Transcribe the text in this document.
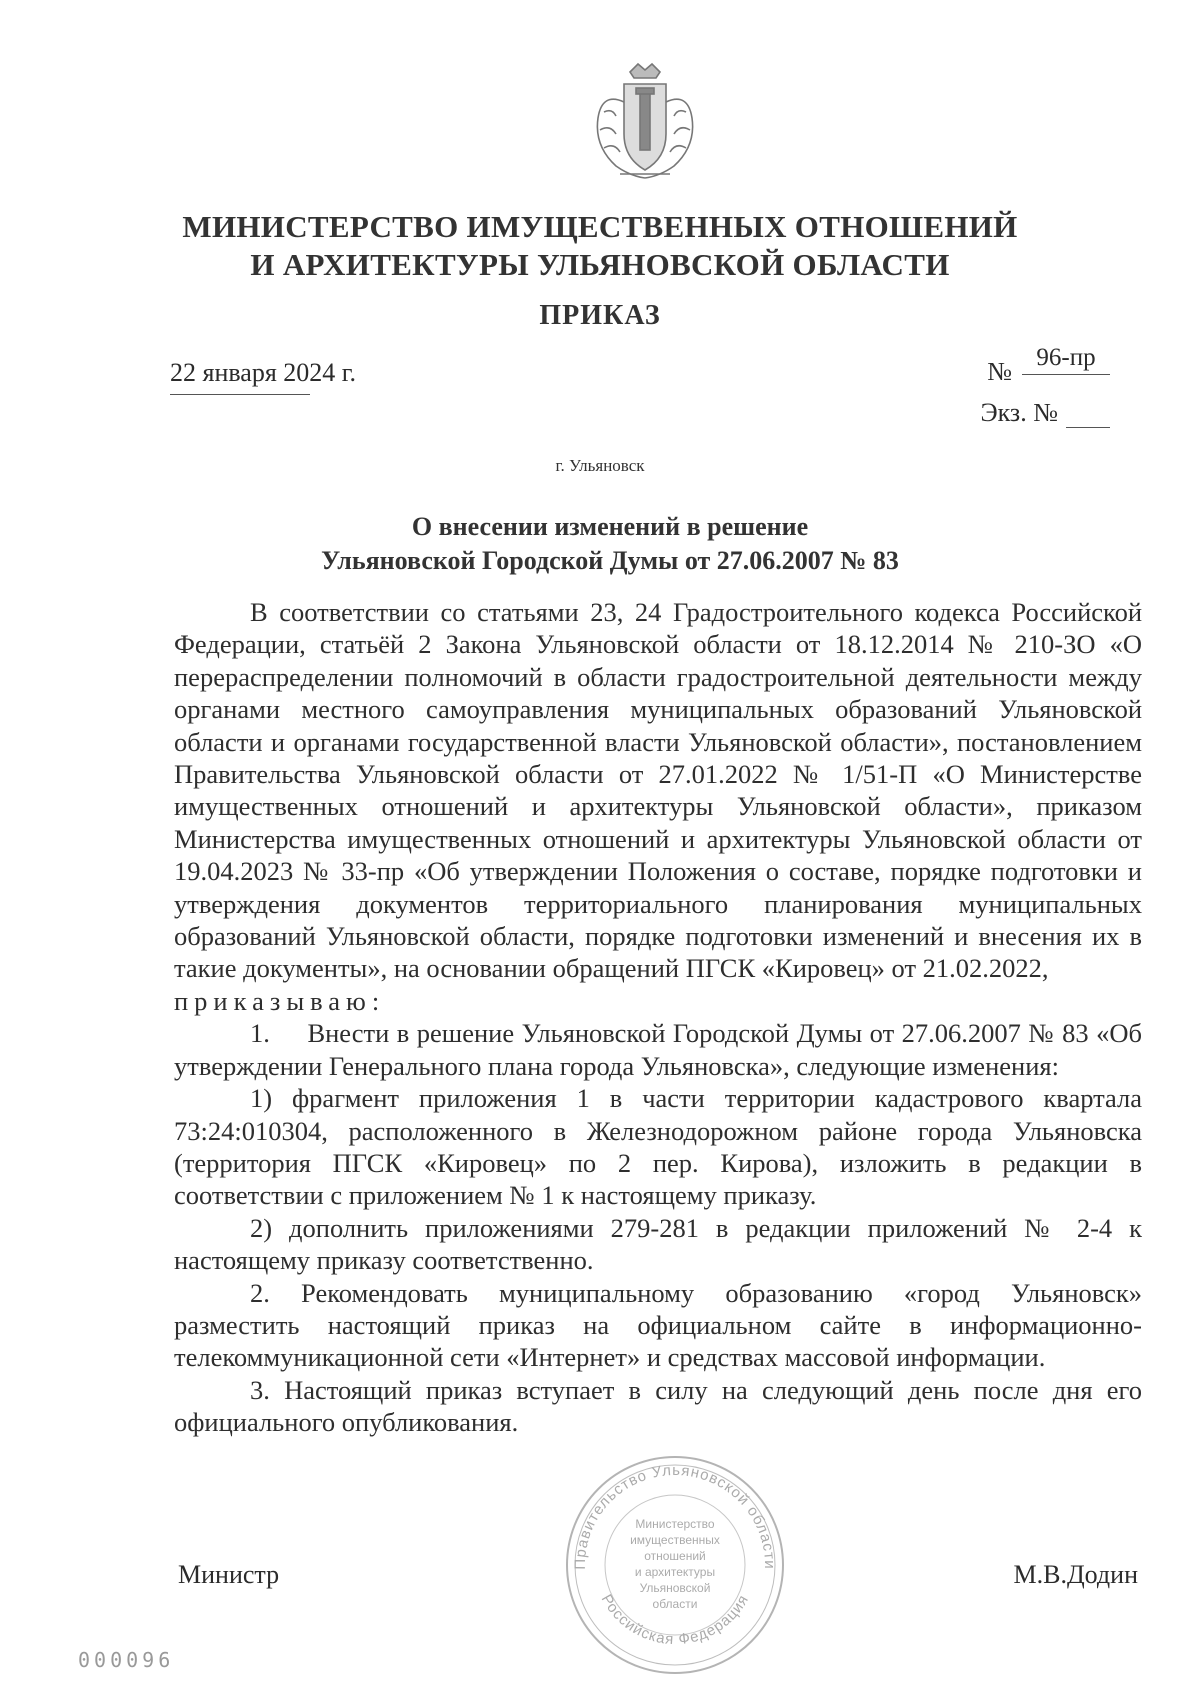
МИНИСТЕРСТВО ИМУЩЕСТВЕННЫХ ОТНОШЕНИЙ
И АРХИТЕКТУРЫ УЛЬЯНОВСКОЙ ОБЛАСТИ
ПРИКАЗ
22 января 2024 г.	№ 96-пр
Экз. №
г. Ульяновск
О внесении изменений в решение
Ульяновской Городской Думы от 27.06.2007 № 83

В соответствии со статьями 23, 24 Градостроительного кодекса Российской Федерации, статьёй 2 Закона Ульяновской области от 18.12.2014 № 210-ЗО «О перераспределении полномочий в области градостроительной деятельности между органами местного самоуправления муниципальных образований Ульяновской области и органами государственной власти Ульяновской области», постановлением Правительства Ульяновской области от 27.01.2022 № 1/51-П «О Министерстве имущественных отношений и архитектуры Ульяновской области», приказом Министерства имущественных отношений и архитектуры Ульяновской области от 19.04.2023 № 33-пр «Об утверждении Положения о составе, порядке подготовки и утверждения документов территориального планирования муниципальных образований Ульяновской области, порядке подготовки изменений и внесения их в такие документы», на основании обращений ПГСК «Кировец» от 21.02.2022,

приказываю:

1.     Внести в решение Ульяновской Городской Думы от 27.06.2007 № 83 «Об утверждении Генерального плана города Ульяновска», следующие изменения:

1) фрагмент приложения 1 в части территории кадастрового квартала 73:24:010304, расположенного в Железнодорожном районе города Ульяновска (территория ПГСК «Кировец» по 2 пер. Кирова), изложить в редакции в соответствии с приложением № 1 к настоящему приказу.

2) дополнить приложениями 279-281 в редакции приложений № 2-4 к настоящему приказу соответственно.

2. Рекомендовать муниципальному образованию «город Ульяновск» разместить настоящий приказ на официальном сайте в информационно-телекоммуникационной сети «Интернет» и средствах массовой информации.

3. Настоящий приказ вступает в силу на следующий день после дня его официального опубликования.

Правительство Ульяновской области
Российская Федерация
Министерство
имущественных
отношений
и архитектуры
Ульяновской
области
Министр	М.В.Додин
000096
